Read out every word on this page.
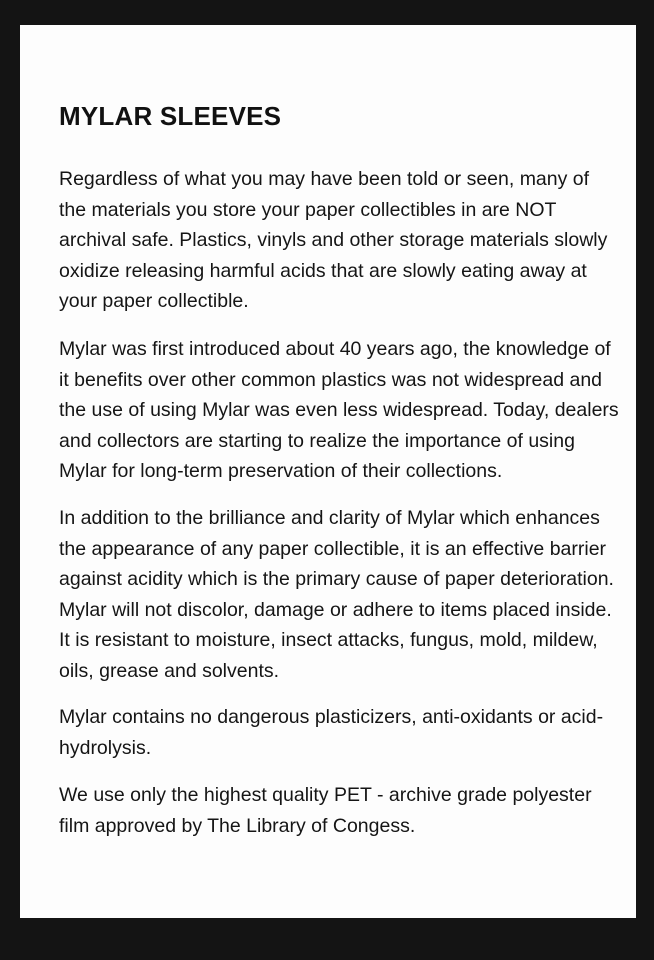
MYLAR SLEEVES

Regardless of what you may have been told or seen, many of the materials you store your paper collectibles in are NOT archival safe. Plastics, vinyls and other storage materials slowly oxidize releasing harmful acids that are slowly eating away at your paper collectible.

Mylar was first introduced about 40 years ago, the knowledge of it benefits over other common plastics was not widespread and the use of using Mylar was even less widespread. Today, dealers and collectors are starting to realize the importance of using Mylar for long-term preservation of their collections.

In addition to the brilliance and clarity of Mylar which enhances the appearance of any paper collectible, it is an effective barrier against acidity which is the primary cause of paper deterioration. Mylar will not discolor, damage or adhere to items placed inside. It is resistant to moisture, insect attacks, fungus, mold, mildew, oils, grease and solvents.

Mylar contains no dangerous plasticizers, anti-oxidants or acid-hydrolysis.

We use only the highest quality PET - archive grade polyester film approved by The Library of Congess.
